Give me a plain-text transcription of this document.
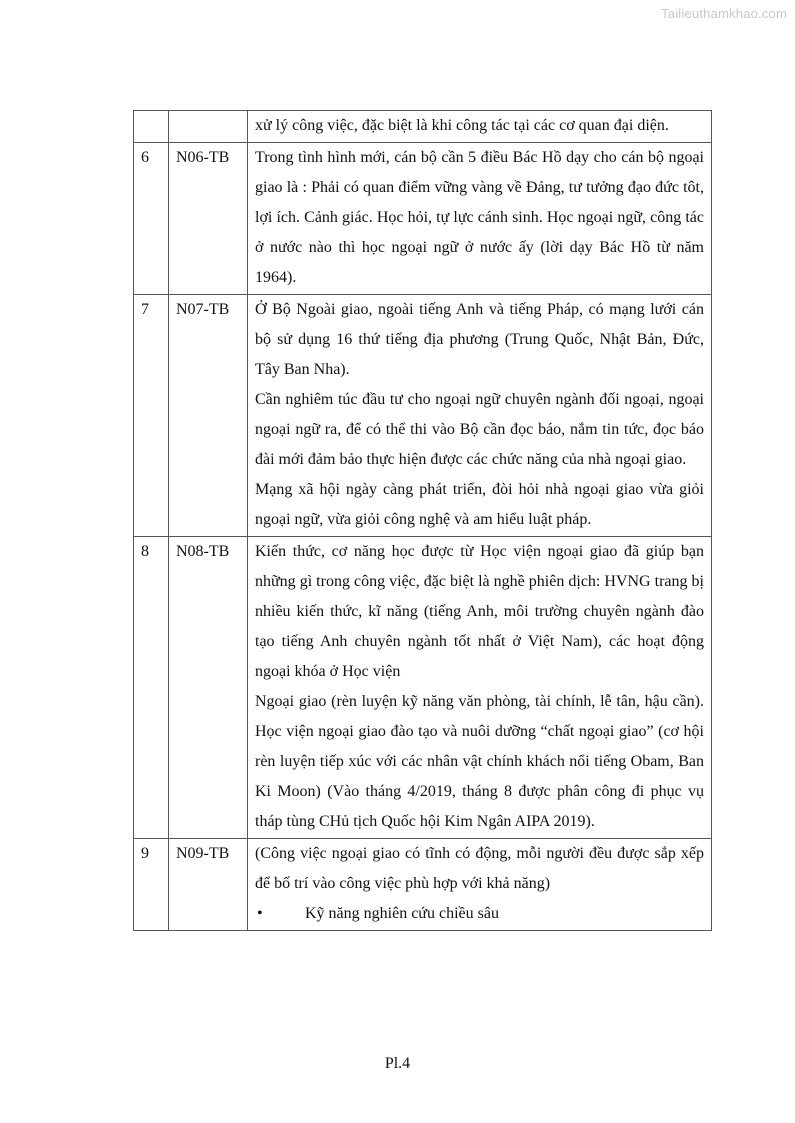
Tailieuthamkhao.com

		xử lý công việc, đặc biệt là khi công tác tại các cơ quan đại diện.

6	N06-TB	Trong tình hình mới, cán bộ cần 5 điều Bác Hồ dạy cho cán bộ ngoại giao là : Phải có quan điểm vững vàng về Đảng, tư tưởng đạo đức tôt, lợi ích. Cảnh giác. Học hỏi, tự lực cánh sinh. Học ngoại ngữ, công tác ở nước nào thì học ngoại ngữ ở nước ấy (lời dạy Bác Hồ từ năm 1964).

7	N07-TB	Ở Bộ Ngoài giao, ngoài tiếng Anh và tiếng Pháp, có mạng lưới cán bộ sử dụng 16 thứ tiếng địa phương (Trung Quốc, Nhật Bản, Đức, Tây Ban Nha).
Cần nghiêm túc đầu tư cho ngoại ngữ chuyên ngành đối ngoại, ngoại ngoại ngữ ra, để có thể thi vào Bộ cần đọc báo, nắm tin tức, đọc báo đài mới đảm bảo thực hiện được các chức năng của nhà ngoại giao.
Mạng xã hội ngày càng phát triển, đòi hỏi nhà ngoại giao vừa giỏi ngoại ngữ, vừa giỏi công nghệ và am hiểu luật pháp.

8	N08-TB	Kiến thức, cơ năng học được từ Học viện ngoại giao đã giúp bạn những gì trong công việc, đặc biệt là nghề phiên dịch: HVNG trang bị nhiều kiến thức, kĩ năng (tiếng Anh, môi trường chuyên ngành đào tạo tiếng Anh chuyên ngành tốt nhất ở Việt Nam), các hoạt động ngoại khóa ở Học viện
Ngoại giao (rèn luyện kỹ năng văn phòng, tài chính, lễ tân, hậu cần). Học viện ngoại giao đào tạo và nuôi dưỡng “chất ngoại giao” (cơ hội rèn luyện tiếp xúc với các nhân vật chính khách nổi tiếng Obam, Ban Ki Moon) (Vào tháng 4/2019, tháng 8 được phân công đi phục vụ tháp tùng CHủ tịch Quốc hội Kim Ngân AIPA 2019).

9	N09-TB	(Công việc ngoại giao có tĩnh có động, mỗi người đều được sắp xếp để bố trí vào công việc phù hợp với khả năng)
• Kỹ năng nghiên cứu chiều sâu
Pl.4
